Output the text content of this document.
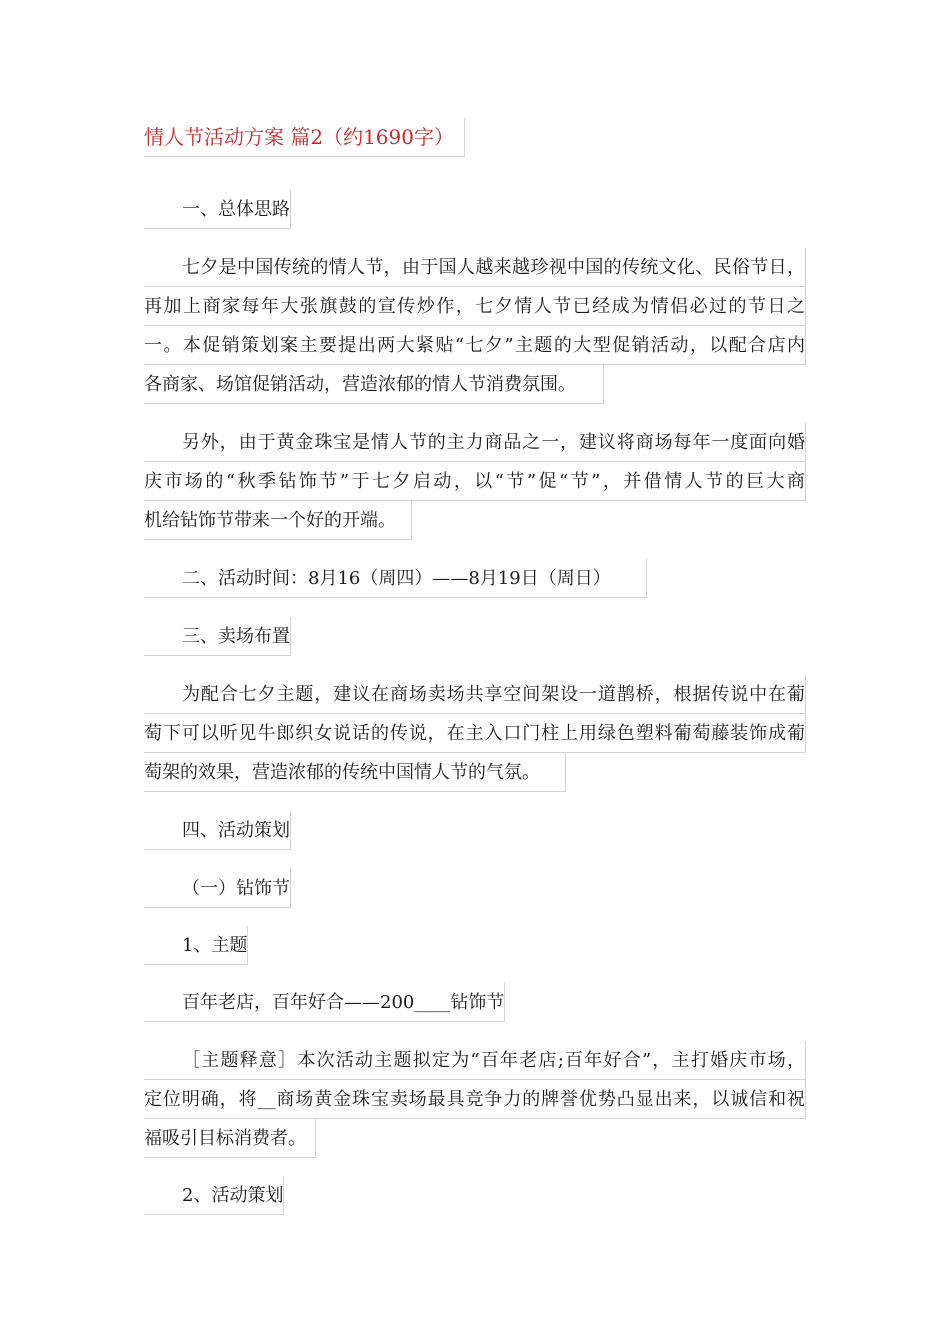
情人节活动方案 篇2（约1690字）
一、总体思路
七夕是中国传统的情人节，由于国人越来越珍视中国的传统文化、民俗节日，
再加上商家每年大张旗鼓的宣传炒作，七夕情人节已经成为情侣必过的节日之
一。本促销策划案主要提出两大紧贴“七夕”主题的大型促销活动，以配合店内
各商家、场馆促销活动，营造浓郁的情人节消费氛围。
另外，由于黄金珠宝是情人节的主力商品之一，建议将商场每年一度面向婚
庆市场的“秋季钻饰节”于七夕启动，以“节”促“节”，并借情人节的巨大商
机给钻饰节带来一个好的开端。
二、活动时间：8月16（周四）——8月19日（周日）
三、卖场布置
为配合七夕主题，建议在商场卖场共享空间架设一道鹊桥，根据传说中在葡
萄下可以听见牛郎织女说话的传说，在主入口门柱上用绿色塑料葡萄藤装饰成葡
萄架的效果，营造浓郁的传统中国情人节的气氛。
四、活动策划
（一）钻饰节
1、主题
百年老店，百年好合——200____钻饰节
［主题释意］本次活动主题拟定为“百年老店;百年好合”，主打婚庆市场，
定位明确，将__商场黄金珠宝卖场最具竞争力的牌誉优势凸显出来，以诚信和祝
福吸引目标消费者。
2、活动策划
